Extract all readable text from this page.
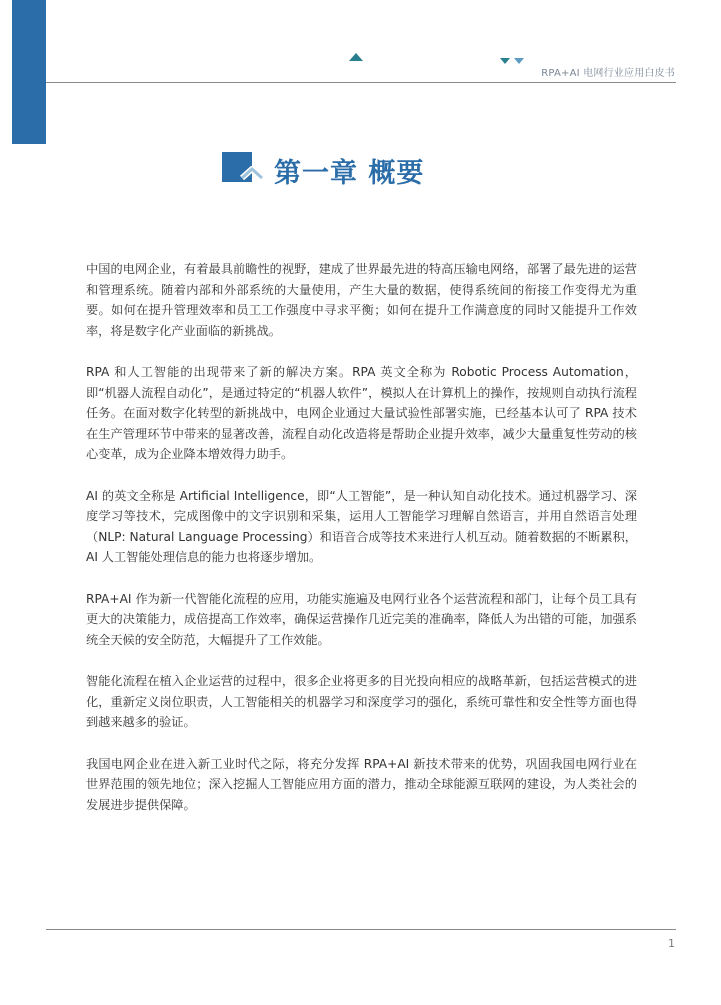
RPA+AI 电网行业应用白皮书
第一章 概要

中国的电网企业，有着最具前瞻性的视野，建成了世界最先进的特高压输电网络，部署了最先进的运营和管理系统。随着内部和外部系统的大量使用，产生大量的数据，使得系统间的衔接工作变得尤为重要。如何在提升管理效率和员工工作强度中寻求平衡；如何在提升工作满意度的同时又能提升工作效率，将是数字化产业面临的新挑战。

RPA 和人工智能的出现带来了新的解决方案。RPA 英文全称为 Robotic Process Automation，即“机器人流程自动化”，是通过特定的“机器人软件”，模拟人在计算机上的操作，按规则自动执行流程任务。在面对数字化转型的新挑战中，电网企业通过大量试验性部署实施，已经基本认可了 RPA 技术在生产管理环节中带来的显著改善，流程自动化改造将是帮助企业提升效率，减少大量重复性劳动的核心变革，成为企业降本增效得力助手。

AI 的英文全称是 Artificial Intelligence，即“人工智能”，是一种认知自动化技术。通过机器学习、深度学习等技术，完成图像中的文字识别和采集，运用人工智能学习理解自然语言，并用自然语言处理（NLP: Natural Language Processing）和语音合成等技术来进行人机互动。随着数据的不断累积，AI 人工智能处理信息的能力也将逐步增加。

RPA+AI 作为新一代智能化流程的应用，功能实施遍及电网行业各个运营流程和部门，让每个员工具有更大的决策能力，成倍提高工作效率，确保运营操作几近完美的准确率，降低人为出错的可能，加强系统全天候的安全防范，大幅提升了工作效能。

智能化流程在植入企业运营的过程中，很多企业将更多的目光投向相应的战略革新，包括运营模式的进化，重新定义岗位职责，人工智能相关的机器学习和深度学习的强化，系统可靠性和安全性等方面也得到越来越多的验证。

我国电网企业在进入新工业时代之际，将充分发挥 RPA+AI 新技术带来的优势，巩固我国电网行业在世界范围的领先地位；深入挖掘人工智能应用方面的潜力，推动全球能源互联网的建设，为人类社会的发展进步提供保障。

1
